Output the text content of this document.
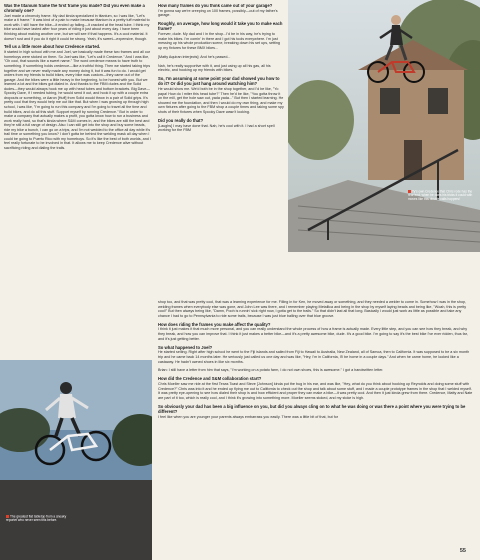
Ty's own Credence that Chris rode has the rear end, when he does his tricks it could with moves like this double calls hoppers!
The greatest flat tabletop from a sneaky reporter who never seen this before.

Was the titanium frame the first frame you made? Did you even make a chromoly one?

Joel made a chromoly frame. My dad kinda specialized in titanium, so I was like, "Let's make a ti frame." It was kind of a pain to make because titanium is a pretty tuff material to work with. I still have the bike—it ended up failing—it cracked at the head tube. I think my bike would have lasted after four years of riding it just about every day. I have been thinking about making another one, but we will see if that happens. It's a cool material. It doesn't rust and if you do it right it could be strong. Yeah, it's sweet—expensive, though.

Tell us a little more about how Credence started.

It started in high school with me and Joel, we basically made these two frames and all our homeboys were stoked on them. So Joel was like, "Let's call it Credence." And I was like, "Oh cool, that sounds like a sweet name." The word credence means to have truth to something. If something holds credence—like a truthful thing. Then we started taking trips together and we never really made any money doing it, but it was fun to do. I would get orders from my friends to build bikes, every bike was custom—they came out of the garage. And the bikes were a little heavy in the beginning, to be honest with you. But we learned a lot and the bikes got dialed in. And thanks to the FBM dudes and the Solid dudes—they would always hook me up with head tubes and bottom brackets. Big Dave—Spooky Dave, if I needed tubing, he would send it out, and hook it up with a couple extra dropouts or something, or Aaron [Huff] from Solid would throw in a pair of Solid grips. It's pretty cool that they would help me out like that. But when I was growing up through high school, I was like, "I'm going to run this company and I'm going to travel all the time and build bikes, and do all this stuff. Support myself by running Credence." But in order to make a company that actually makes a profit, you gotta know how to run a business and work really hard, so that's kinda where S&M comes in, and the bikes are still the best and they're still a full range of design. Also I can still get into the shop and buy some beads, ride my bike a bunch, I can go on a trips, and I'm not wedded to the office all day while it's trail time or something you know? I don't gotta be behind the welding mask all day when I could be going to Puerto Rico with my homeboys. So it's like the best of both worlds, and I feel really fortunate to be involved in that. It allows me to keep Credence alive without sacrificing riding and dialing the trails.

How many frames do you think came out of your garage?

I'm gonna say we're creeping on 100 frames, possibly—out of my father's garage.

Roughly, on average, how long would it take you to make each frame?

Forever, dude. My dad and I in the shop...I'd be in his way, he's trying to make his bikes. I'm comin' in there and I got his tools everywhere. I'm just messing up his whole production scene, breaking down his set ups, setting up my fixtures for these BMX bikes...

[Matty Aquiran interjects]: And he's passed...

Nah, he's really supportive with it, and just using up all his gas, all his electric, and hooking up my friends with bikes.

So, I'm assuming at some point your dad showed you how to do it? Or did you just hang around watching him?

He would show me. We'd both be in the shop together, and I'd be like, "Yo papa! How do I miter this head tube?" Then he'd be like, "You gotta throw it on the mill, get the hole saw out, yada yada..." But then I started learning. He showed me the foundation, and then I would do my own thing, and make my own fixtures after going to the FBM shop a couple times and taking some spy shots of their fixtures when Spooky Dave wasn't looking.

Did you really do that?

[Laughs] I may have done that. Nah, he's cool with it. I had a short spell working for the FBM

shop too, and that was pretty cool, that was a learning experience for me. Filling in for Ken, he moved away or something, and they needed a welder to come in. Somehow I was in the shop, welding frames when everybody else was gone, and John Lee was there, and I remember playing Metallica and being in the shop by myself laying beads and being like, "Woah, this is pretty cool!" But then always being like, "Damn, Pooh is runnin' sick right now, I gotta get to the trails." So that didn't last all that long. Basically I would just work as little as possible and take any chance I had to go to Pennsylvania to ride some trails, because I was just blue balling over that blue groove.

How does riding the frames you make affect the quality?

I think it just makes it that much more personal, and you can really understand the whole process of how a frame is actually made. Every little step, and you can see how they break, and why they break, and how you can improve that. I think it just makes a better bike—and it's a pretty awesome bike, dude. It's a good bike. I'm going to say it's the best bike I've ever ridden, thus far, and it's just getting better.

So what happened to Joel?

He started selling. Right after high school he went to the Fiji islands and sailed from Fiji to Hawaii to Australia, New Zealand, all of Samoa, then to California. It was supposed to be a six month trip and he came back 14 months later. He seriously just called us one day and was like, "Hey, I'm in California, I'll be home in a couple days." And when he came home, he looked like a castaway. He hadn't owned shoes in like six months.

Brian: I still have a letter from him that says, "I'm working on a potato farm, I do not own shoes, this is awesome." I got a handwritten letter.

How did the Credence and S&M collaboration start?

Chris Moeller saw me ride at the first Texas Toast and Steve [Johnson] kinda put the bug in his ear, and was like, "Hey, what do you think about hooking up Reynolds and doing some stuff with Credence?" Chris was into it and he ended up flying me out to California to check out the shop and talk about some stuff, and I made a couple prototype frames in the shop that I welded myself. It was pretty eye-opening to see how dialed their shop is and how efficient and proper they can make a bike—it was pretty cool. And then it just kinda grew from there. Credence, Matty and Nate are part of it too, which is really cool, and I think it's growing into something more. Moeller seems stoked, and my stoke is high.

So obviously your dad has been a big influence on you, but did you always cling on to what he was doing or was there a point where you were trying to be different?

I feel like when you are younger your parents always embarrass you easily. There was a little bit of that, but for

55
